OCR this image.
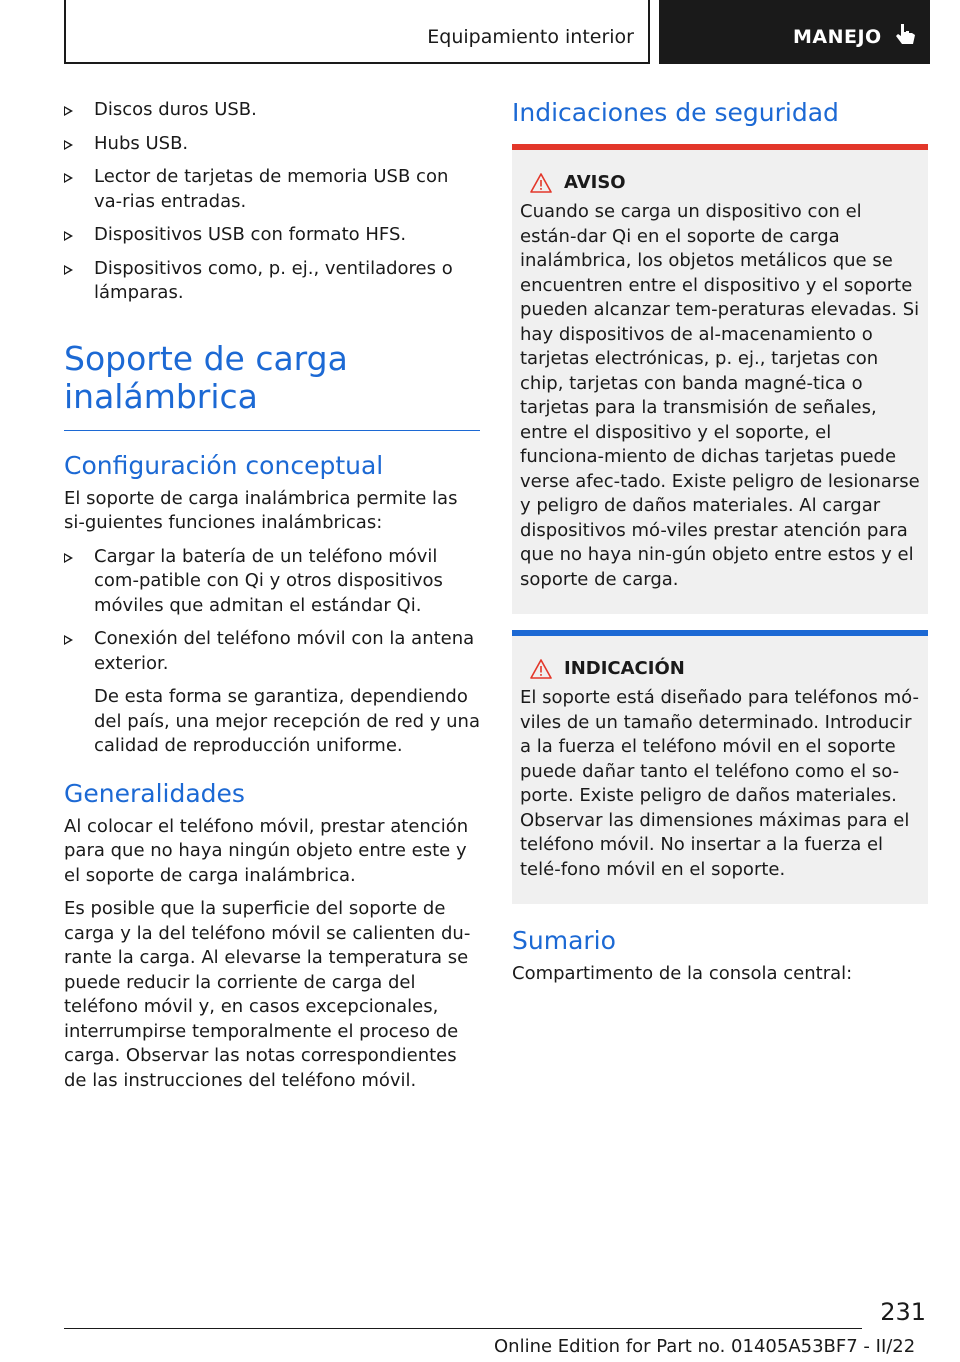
Equipamiento interior	MANEJO
Discos duros USB.
Hubs USB.
Lector de tarjetas de memoria USB con va-rias entradas.
Dispositivos USB con formato HFS.
Dispositivos como, p. ej., ventiladores o lámparas.
Soporte de carga inalámbrica
Configuración conceptual

El soporte de carga inalámbrica permite las si-guientes funciones inalámbricas:

Cargar la batería de un teléfono móvil com-patible con Qi y otros dispositivos móviles que admitan el estándar Qi.
Conexión del teléfono móvil con la antena exterior.
De esta forma se garantiza, dependiendo del país, una mejor recepción de red y una calidad de reproducción uniforme.
Generalidades

Al colocar el teléfono móvil, prestar atención para que no haya ningún objeto entre este y el soporte de carga inalámbrica.

Es posible que la superficie del soporte de carga y la del teléfono móvil se calienten du-rante la carga. Al elevarse la temperatura se puede reducir la corriente de carga del teléfono móvil y, en casos excepcionales, interrumpirse temporalmente el proceso de carga. Observar las notas correspondientes de las instrucciones del teléfono móvil.

Indicaciones de seguridad
AVISO

Cuando se carga un dispositivo con el están-dar Qi en el soporte de carga inalámbrica, los objetos metálicos que se encuentren entre el dispositivo y el soporte pueden alcanzar tem-peraturas elevadas. Si hay dispositivos de al-macenamiento o tarjetas electrónicas, p. ej., tarjetas con chip, tarjetas con banda magné-tica o tarjetas para la transmisión de señales, entre el dispositivo y el soporte, el funciona-miento de dichas tarjetas puede verse afec-tado. Existe peligro de lesionarse y peligro de daños materiales. Al cargar dispositivos mó-viles prestar atención para que no haya nin-gún objeto entre estos y el soporte de carga.

INDICACIÓN

El soporte está diseñado para teléfonos mó-viles de un tamaño determinado. Introducir a la fuerza el teléfono móvil en el soporte puede dañar tanto el teléfono como el so-porte. Existe peligro de daños materiales. Observar las dimensiones máximas para el teléfono móvil. No insertar a la fuerza el telé-fono móvil en el soporte.

Sumario

Compartimento de la consola central:

231
Online Edition for Part no. 01405A53BF7 - II/22
